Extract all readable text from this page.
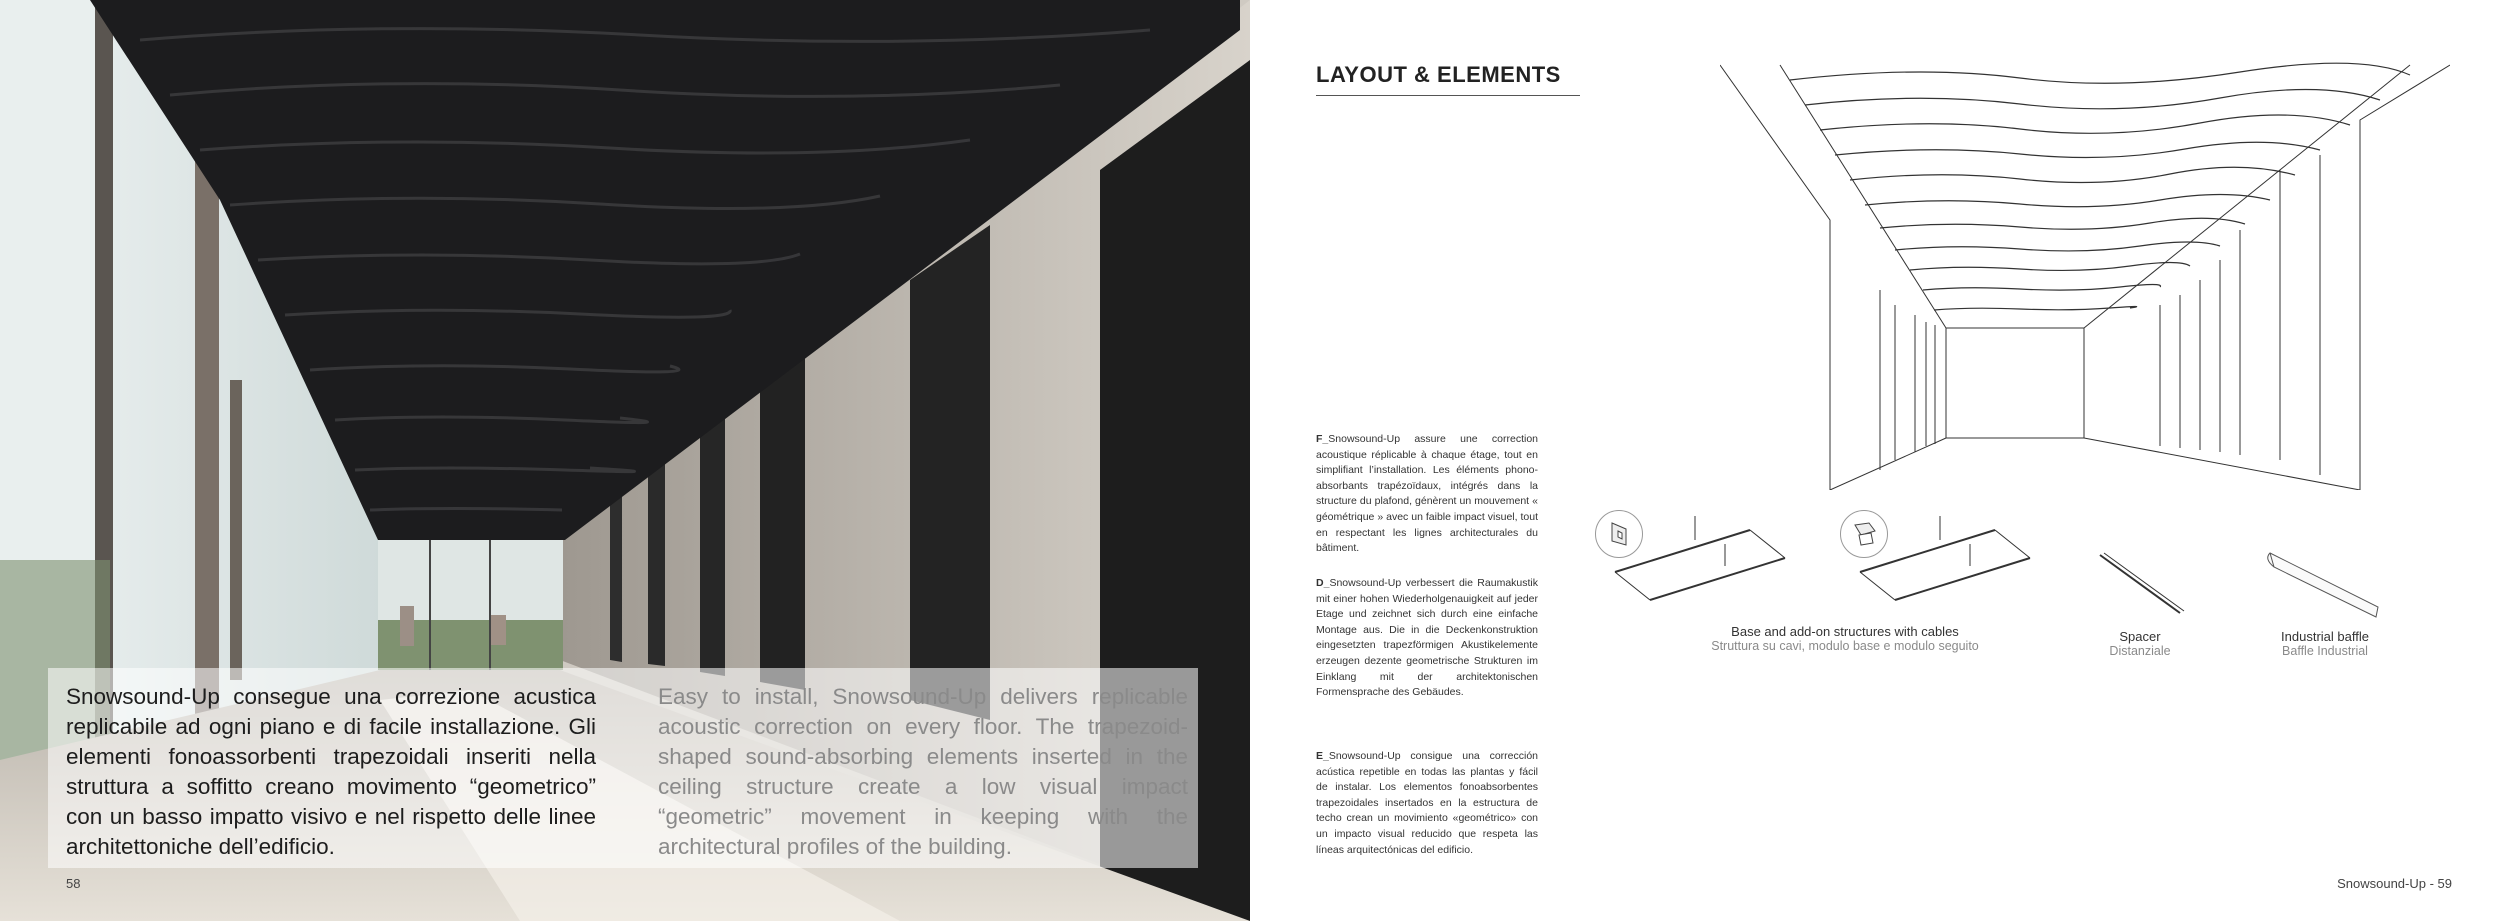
Snowsound-Up consegue una correzione acustica replicabile ad ogni piano e di facile installazione. Gli elementi fonoassorbenti trapezoidali inseriti nella struttura a soffitto creano movimento “geometrico” con un basso impatto visivo e nel rispetto delle linee architettoniche dell’edificio.

Easy to install, Snowsound-Up delivers replicable acoustic correction on every floor. The trapezoid-shaped sound-absorbing elements inserted in the ceiling structure create a low visual impact “geometric” movement in keeping with the architectural profiles of the building.

58
LAYOUT & ELEMENTS

F_Snowsound-Up assure une correction acoustique réplicable à chaque étage, tout en simplifiant l’installation. Les éléments phono-absorbants trapézoïdaux, intégrés dans la structure du plafond, génèrent un mouvement « géométrique » avec un faible impact visuel, tout en respectant les lignes architecturales du bâtiment.

D_Snowsound-Up verbessert die Raumakustik mit einer hohen Wiederholgenauigkeit auf jeder Etage und zeichnet sich durch eine einfache Montage aus. Die in die Deckenkonstruktion eingesetzten trapezförmigen Akustikelemente erzeugen dezente geometrische Strukturen im Einklang mit der architektonischen Formensprache des Gebäudes.

E_Snowsound-Up consigue una corrección acústica repetible en todas las plantas y fácil de instalar. Los elementos fonoabsorbentes trapezoidales insertados en la estructura de techo crean un movimiento «geométrico» con un impacto visual reducido que respeta las líneas arquitectónicas del edificio.

Base and add-on structures with cables
Struttura su cavi, modulo base e modulo seguito
Spacer
Distanziale
Industrial baffle
Baffle Industrial
Snowsound-Up - 59
